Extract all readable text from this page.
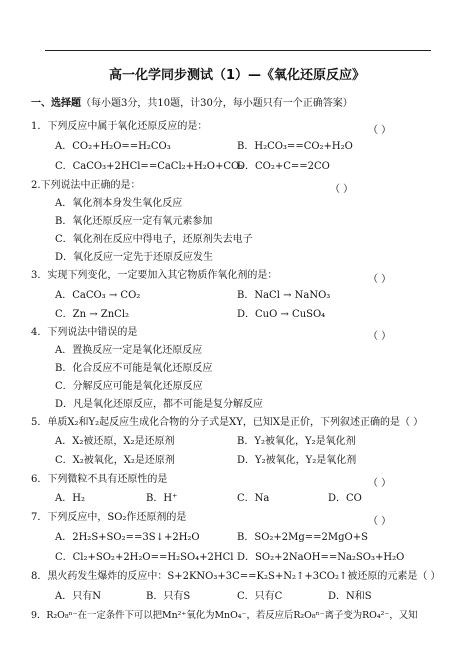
高一化学同步测试（1）—《氧化还原反应》
一、选择题（每小题3分，共10题，计30分，每小题只有一个正确答案）
1．下列反应中属于氧化还原反应的是：	（ ）
A．CO₂+H₂O==H₂CO₃	B．H₂CO₃==CO₂+H₂O
C．CaCO₃+2HCl==CaCl₂+H₂O+CO₂
D．CO₂+C==2CO
2.下列说法中正确的是：	（ ）
A．氧化剂本身发生氧化反应
B．氧化还原反应一定有氧元素参加
C．氧化剂在反应中得电子，还原剂失去电子
D．氧化反应一定先于还原反应发生
3．实现下列变化，一定要加入其它物质作氧化剂的是：	（ ）
A．CaCO₃ → CO₂	B．NaCl → NaNO₃
C．Zn → ZnCl₂	D．CuO → CuSO₄
4．下列说法中错误的是	（ ）
A．置换反应一定是氧化还原反应
B．化合反应不可能是氧化还原反应
C．分解反应可能是氧化还原反应
D．凡是氧化还原反应，都不可能是复分解反应
5．单质X₂和Y₂起反应生成化合物的分子式是XY，已知X是正价，下列叙述正确的是（ ）
A．X₂被还原，X₂是还原剂	B．Y₂被氧化，Y₂是氧化剂
C．X₂被氧化，X₂是还原剂	D．Y₂被氧化，Y₂是氧化剂
6．下列微粒不具有还原性的是	（ ）
A．H₂	B．H⁺	C．Na	D．CO
7．下列反应中，SO₂作还原剂的是	（ ）
A．2H₂S+SO₂==3S↓+2H₂O	B．SO₂+2Mg==2MgO+S
C．Cl₂+SO₂+2H₂O==H₂SO₄+2HCl D．SO₂+2NaOH==Na₂SO₃+H₂O
8．黑火药发生爆炸的反应中：S+2KNO₃+3C==K₂S+N₂↑+3CO₂↑被还原的元素是（ ）
A．只有N	B．只有S	C．只有C	D．N和S
9．R₂O₈ⁿ⁻在一定条件下可以把Mn²⁺氧化为MnO₄⁻，若反应后R₂O₈ⁿ⁻离子变为RO₄²⁻，又知
